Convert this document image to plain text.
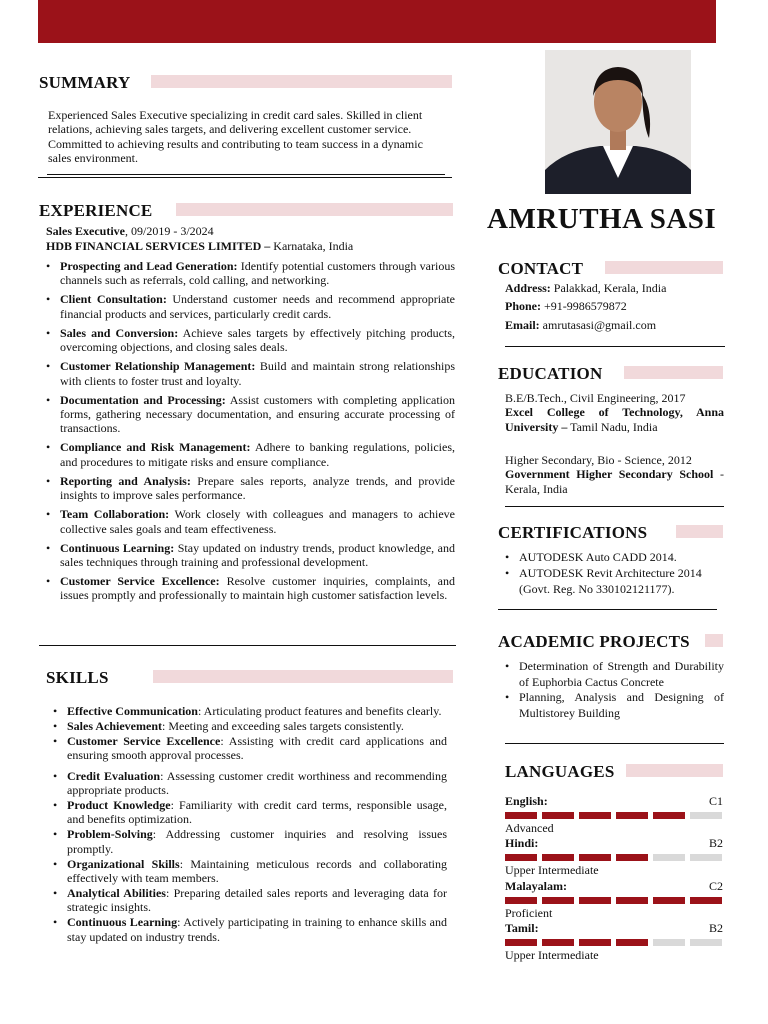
SUMMARY
Experienced Sales Executive specializing in credit card sales. Skilled in client relations, achieving sales targets, and delivering excellent customer service. Committed to achieving results and contributing to team success in a dynamic sales environment.
EXPERIENCE
Sales Executive, 09/2019 - 3/2024
HDB FINANCIAL SERVICES LIMITED – Karnataka, India
• Prospecting and Lead Generation: Identify potential customers through various channels such as referrals, cold calling, and networking.
• Client Consultation: Understand customer needs and recommend appropriate financial products and services, particularly credit cards.
• Sales and Conversion: Achieve sales targets by effectively pitching products, overcoming objections, and closing sales deals.
• Customer Relationship Management: Build and maintain strong relationships with clients to foster trust and loyalty.
• Documentation and Processing: Assist customers with completing application forms, gathering necessary documentation, and ensuring accurate processing of transactions.
• Compliance and Risk Management: Adhere to banking regulations, policies, and procedures to mitigate risks and ensure compliance.
• Reporting and Analysis: Prepare sales reports, analyze trends, and provide insights to improve sales performance.
• Team Collaboration: Work closely with colleagues and managers to achieve collective sales goals and team effectiveness.
• Continuous Learning: Stay updated on industry trends, product knowledge, and sales techniques through training and professional development.
• Customer Service Excellence: Resolve customer inquiries, complaints, and issues promptly and professionally to maintain high customer satisfaction levels.
SKILLS
• Effective Communication: Articulating product features and benefits clearly.
• Sales Achievement: Meeting and exceeding sales targets consistently.
• Customer Service Excellence: Assisting with credit card applications and ensuring smooth approval processes.
• Credit Evaluation: Assessing customer credit worthiness and recommending appropriate products.
• Product Knowledge: Familiarity with credit card terms, responsible usage, and benefits optimization.
• Problem-Solving: Addressing customer inquiries and resolving issues promptly.
• Organizational Skills: Maintaining meticulous records and collaborating effectively with team members.
• Analytical Abilities: Preparing detailed sales reports and leveraging data for strategic insights.
• Continuous Learning: Actively participating in training to enhance skills and stay updated on industry trends.
AMRUTHA SASI
CONTACT
Address: Palakkad, Kerala, India
Phone: +91-9986579872
Email: amrutasasi@gmail.com
EDUCATION
B.E/B.Tech., Civil Engineering, 2017
Excel College of Technology, Anna University – Tamil Nadu, India
Higher Secondary, Bio - Science, 2012
Government Higher Secondary School - Kerala, India
CERTIFICATIONS
• AUTODESK Auto CADD 2014.
• AUTODESK Revit Architecture 2014 (Govt. Reg. No 330102121177).
ACADEMIC PROJECTS
• Determination of Strength and Durability of Euphorbia Cactus Concrete
• Planning, Analysis and Designing of Multistorey Building
LANGUAGES
English:	C1
Advanced
Hindi:	B2
Upper Intermediate
Malayalam:	C2
Proficient
Tamil:	B2
Upper Intermediate
